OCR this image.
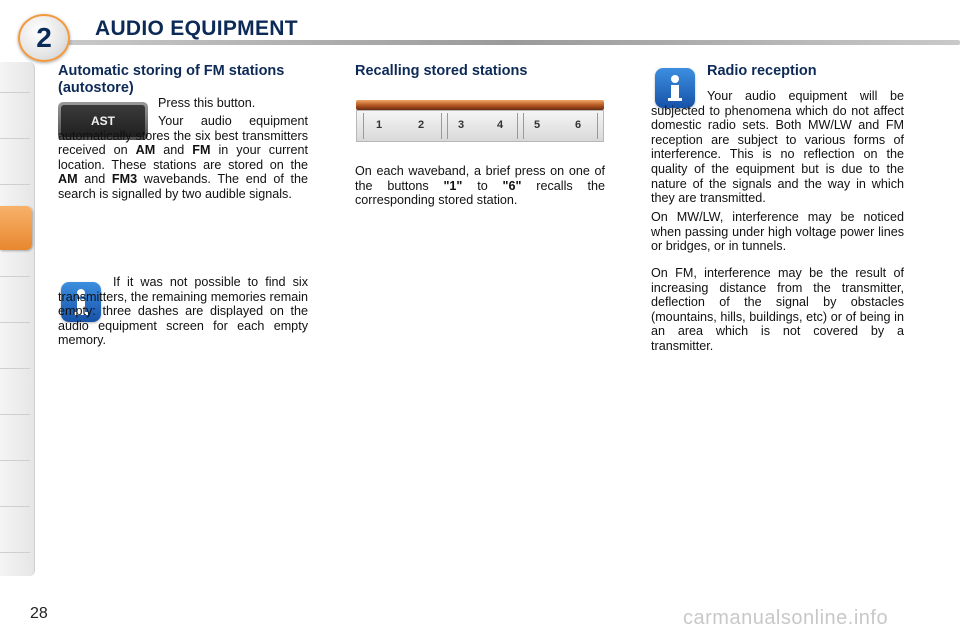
2 AUDIO EQUIPMENT
Automatic storing of FM stations (autostore)
AST

Press this button.

Your audio equipment automatically stores the six best transmitters received on AM and FM in your current location. These stations are stored on the AM and FM3 wavebands. The end of the search is signalled by two audible signals.

If it was not possible to find six transmitters, the remaining memories remain empty: three dashes are displayed on the audio equipment screen for each empty memory.

Recalling stored stations
1	2	3	4	5	6

On each waveband, a brief press on one of the buttons "1" to "6" recalls the corresponding stored station.

Radio reception

Your audio equipment will be subjected to phenomena which do not affect domestic radio sets. Both MW/LW and FM reception are subject to various forms of interference. This is no reflection on the quality of the equipment but is due to the nature of the signals and the way in which they are transmitted.

On MW/LW, interference may be noticed when passing under high voltage power lines or bridges, or in tunnels.

On FM, interference may be the result of increasing distance from the transmitter, deflection of the signal by obstacles (mountains, hills, buildings, etc) or of being in an area which is not covered by a transmitter.

28	carmanualsonline.info
